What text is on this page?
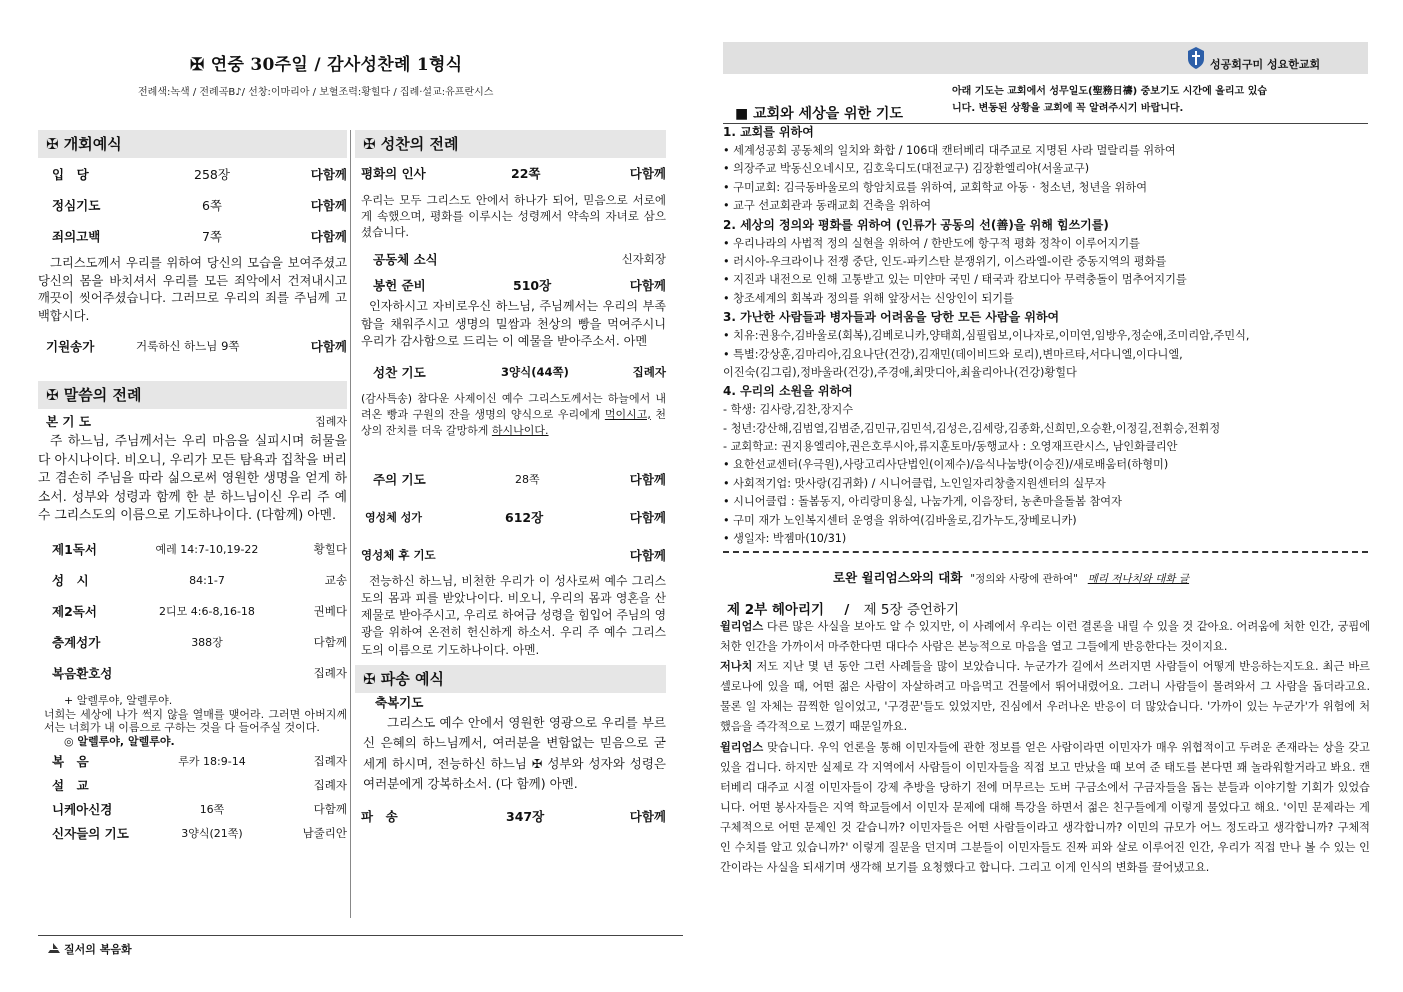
✠ 연중 30주일 / 감사성찬례 1형식
전례색:녹색 / 전례곡B♪/ 선창:이마리아 / 보혈조력:황힐다 / 집례·설교:유프란시스
✠ 개회예식
입　당	258장	다함께
정심기도	6쪽	다함께
죄의고백	7쪽	다함께
그리스도께서 우리를 위하여 당신의 모습을 보여주셨고 당신의 몸을 바치셔서 우리를 모든 죄악에서 건져내시고 깨끗이 씻어주셨습니다. 그러므로 우리의 죄를 주님께 고백합시다.
기원송가	거룩하신 하느님 9쪽	다함께
✠ 말씀의 전례
본 기 도	집례자
주 하느님, 주님께서는 우리 마음을 실피시며 허물을 다 아시나이다. 비오니, 우리가 모든 탐욕과 집착을 버리고 겸손히 주님을 따라 싦으로써 영원한 생명을 얻게 하소서. 성부와 성령과 함께 한 분 하느님이신 우리 주 예수 그리스도의 이름으로 기도하나이다. (다함께) 아멘.
제1독서	예레 14:7-10,19-22	황힐다
성　시	84:1-7	교송
제2독서	2디모 4:6-8,16-18	권베다
층계성가	388장	다함께
복음환호성	집례자
+ 알렐루야, 알렐루야.
너희는 세상에 나가 썩지 않을 열매를 맺어라. 그러면 아버지께서는 너희가 내 이름으로 구하는 것을 다 들어주실 것이다.
◎ 알렐루야, 알렐루야.
복　음	루카 18:9-14	집례자
설　교	집례자
니케아신경	16쪽	다함께
신자들의 기도	3양식(21쪽)	남줄리안
✠ 성찬의 전례
평화의 인사	22쪽	다함께
우리는 모두 그리스도 안에서 하나가 되어, 믿음으로 서로에게 속했으며, 평화를 이루시는 성령께서 약속의 자녀로 삼으셨습니다.
공동체 소식	신자회장
봉헌 준비	510장	다함께
인자하시고 자비로우신 하느님, 주님께서는 우리의 부족함을 채워주시고 생명의 밀쌈과 천상의 빵을 먹여주시니 우리가 감사함으로 드리는 이 예물을 받아주소서. 아멘
성찬 기도	3양식(44쪽)	집례자
(감사특송) 참다운 사제이신 예수 그리스도께서는 하늘에서 내려온 빵과 구원의 잔을 생명의 양식으로 우리에게 먹이시고, 천상의 잔치를 더욱 갈망하게 하시나이다.
주의 기도	28쪽	다함께
영성체 성가	612장	다함께
영성체 후 기도	다함께
전능하신 하느님, 비천한 우리가 이 성사로써 예수 그리스도의 몸과 피를 받았나이다. 비오니, 우리의 몸과 영혼을 산 제물로 받아주시고, 우리로 하여금 성령을 힘입어 주님의 영광을 위하여 온전히 헌신하게 하소서. 우리 주 예수 그리스도의 이름으로 기도하나이다. 아멘.
✠ 파송 예식
축복기도
그리스도 예수 안에서 영원한 영광으로 우리를 부르신 은혜의 하느님께서, 여러분을 변함없는 믿음으로 굳세게 하시며, 전능하신 하느님 ✠ 성부와 성자와 성령은 여러분에게 강복하소서. (다 함께) 아멘.
파　송	347장	다함께
질서의 복음화
성공회구미 성요한교회
아래 기도는 교회에서 성무일도(聖務日禱) 중보기도 시간에 올리고 있습
니다. 변동된 상황을 교회에 꼭 알려주시기 바랍니다.
■ 교회와 세상을 위한 기도
1. 교회를 위하여
• 세계성공회 공동체의 일치와 화합 / 106대 캔터베리 대주교로 지명된 사라 멀랄리를 위하여
• 의장주교 박동신오네시모, 김호욱디도(대전교구) 김장환엘리야(서울교구)
• 구미교회: 김극동바울로의 항암치료를 위하여, 교회학교 아동 · 청소년, 청년을 위하여
• 교구 선교회관과 동래교회 건축을 위하여
2. 세상의 정의와 평화를 위하여 (인류가 공동의 선(善)을 위해 힘쓰기를)
• 우리나라의 사법적 정의 실현을 위하여 / 한반도에 항구적 평화 정착이 이루어지기를
• 러시아-우크라이나 전쟁 중단, 인도-파키스탄 분쟁위기, 이스라엘-이란 중동지역의 평화를
• 지진과 내전으로 인해 고통받고 있는 미얀마 국민 / 태국과 캄보디아 무력충돌이 멈추어지기를
• 창조세계의 회복과 정의를 위해 앞장서는 신앙인이 되기를
3. 가난한 사람들과 병자들과 어려움을 당한 모든 사람을 위하여
• 치유:권용수,김바울로(회복),김베로니카,양태희,심필립보,이나자로,이미연,임방우,정순애,조미리암,주민식,
• 특별:강상훈,김마리아,김요나단(건강),김재민(데이비드와 로리),변마르타,서다니엘,이다니엘,
이진숙(김그림),정바울라(건강),주경애,최맛디아,최율리아나(건강)황힐다
4. 우리의 소원을 위하여
- 학생: 김사랑,김찬,장지수
- 청년:강산해,김범열,김범준,김민규,김민석,김성은,김세랑,김종화,신희민,오승환,이정길,전휘승,전휘정
- 교회학교: 권지용엘리야,권은호루시아,류지훈토마/동행교사 : 오영재프란시스, 남인화클리안
• 요한선교센터(우극원),사랑고리사단법인(이제수)/음식나눔방(이승진)/새로배움터(하형미)
• 사회적기업: 맛사랑(김귀화) / 시니어클럽, 노인일자리창출지원센터의 실무자
• 시니어클럽 : 돌봄동지, 아리랑미용실, 나눔가게, 이음장터, 농촌마을돌봄 참여자
• 구미 재가 노인복지센터 운영을 위하여(김바울로,김가누도,장베로니카)
• 생일자: 박젬마(10/31)
로완 윌리엄스와의 대화 "정의와 사랑에 관하여" 메리 저나치와 대화 글
제 2부 헤아리기 / 제 5장 증언하기
윌리엄스 다른 많은 사실을 보아도 알 수 있지만, 이 사례에서 우리는 이런 결론을 내릴 수 있을 것 같아요. 어려움에 처한 인간, 궁핍에 처한 인간을 가까이서 마주한다면 대다수 사람은 본능적으로 마음을 열고 그들에게 반응한다는 것이지요.
저나치 저도 지난 몇 년 동안 그런 사례들을 많이 보았습니다. 누군가가 길에서 쓰러지면 사람들이 어떻게 반응하는지도요. 최근 바르셀로나에 있을 때, 어떤 젊은 사람이 자살하려고 마음먹고 건물에서 뛰어내렸어요. 그러니 사람들이 몰려와서 그 사람을 돕더라고요. 물론 일 자체는 끔찍한 일이었고, '구경꾼'들도 있었지만, 진심에서 우러나온 반응이 더 많았습니다. '가까이 있는 누군가'가 위험에 처했음을 즉각적으로 느꼈기 때문일까요.
윌리엄스 맞습니다. 우익 언론을 통해 이민자들에 관한 정보를 얻은 사람이라면 이민자가 매우 위협적이고 두려운 존재라는 상을 갖고 있을 겁니다. 하지만 실제로 각 지역에서 사람들이 이민자들을 직접 보고 만났을 때 보여 준 태도를 본다면 꽤 놀라워할거라고 봐요. 캔터베리 대주교 시절 이민자들이 강제 추방을 당하기 전에 머무르는 도버 구금소에서 구금자들을 돕는 분들과 이야기할 기회가 있었습니다. 어떤 봉사자들은 지역 학교들에서 이민자 문제에 대해 특강을 하면서 젊은 친구들에게 이렇게 물었다고 해요. '이민 문제라는 게 구체적으로 어떤 문제인 것 같습니까? 이민자들은 어떤 사람들이라고 생각합니까? 이민의 규모가 어느 정도라고 생각합니까? 구체적인 수치를 알고 있습니까?' 이렇게 질문을 던지며 그분들이 이민자들도 진짜 피와 살로 이루어진 인간, 우리가 직접 만나 볼 수 있는 인간이라는 사실을 되새기며 생각해 보기를 요청했다고 합니다. 그리고 이게 인식의 변화를 끌어냈고요.
